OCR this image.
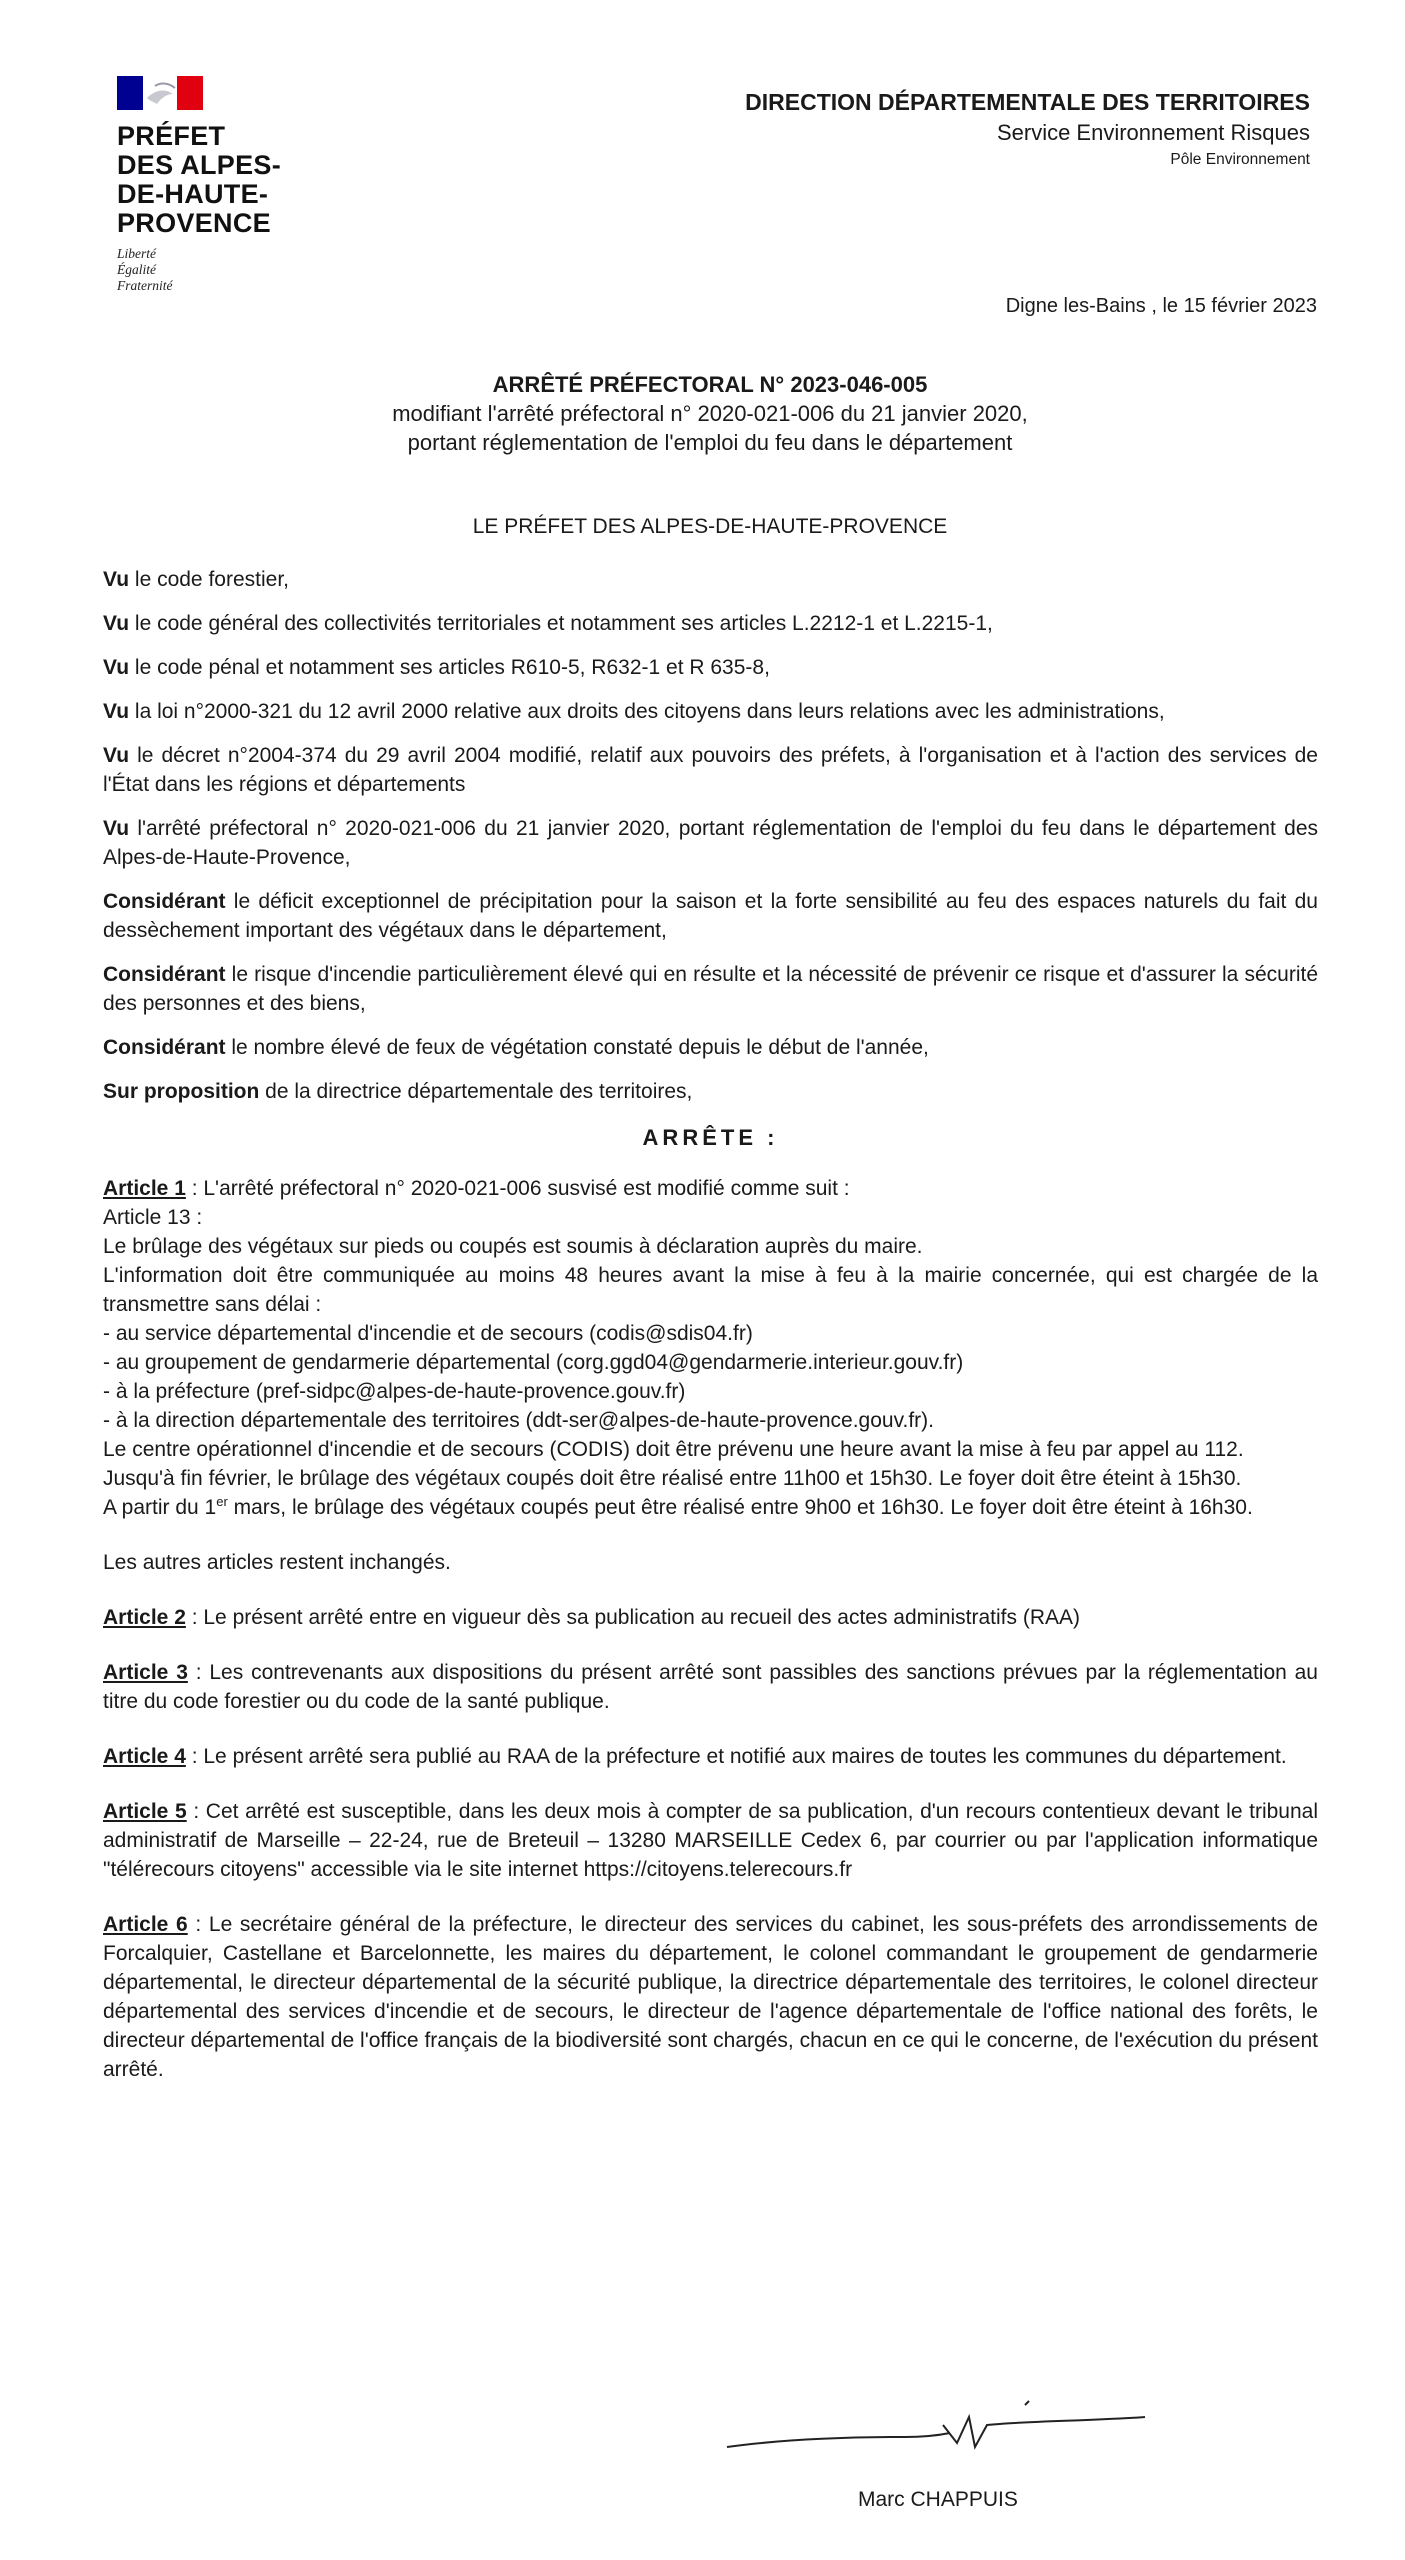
PRÉFET
DES ALPES-
DE-HAUTE-
PROVENCE
Liberté
Égalité
Fraternité
DIRECTION DÉPARTEMENTALE DES TERRITOIRES
Service Environnement Risques
Pôle Environnement
Digne les-Bains , le 15 février 2023
ARRÊTÉ PRÉFECTORAL N° 2023-046-005
modifiant l'arrêté préfectoral n° 2020-021-006 du 21 janvier 2020,
portant réglementation de l'emploi du feu dans le département
LE PRÉFET DES ALPES-DE-HAUTE-PROVENCE

Vu le code forestier,

Vu le code général des collectivités territoriales et notamment ses articles L.2212-1 et L.2215-1,

Vu le code pénal et notamment ses articles R610-5, R632-1 et R 635-8,

Vu la loi n°2000-321 du 12 avril 2000 relative aux droits des citoyens dans leurs relations avec les administrations,

Vu le décret n°2004-374 du 29 avril 2004 modifié, relatif aux pouvoirs des préfets, à l'organisation et à l'action des services de l'État dans les régions et départements

Vu l'arrêté préfectoral n° 2020-021-006 du 21 janvier 2020, portant réglementation de l'emploi du feu dans le département des Alpes-de-Haute-Provence,

Considérant le déficit exceptionnel de précipitation pour la saison et la forte sensibilité au feu des espaces naturels du fait du dessèchement important des végétaux dans le département,

Considérant le risque d'incendie particulièrement élevé qui en résulte et la nécessité de prévenir ce risque et d'assurer la sécurité des personnes et des biens,

Considérant le nombre élevé de feux de végétation constaté depuis le début de l'année,

Sur proposition de la directrice départementale des territoires,

ARRÊTE :
Article 1 : L'arrêté préfectoral n° 2020-021-006 susvisé est modifié comme suit :
Article 13 :
Le brûlage des végétaux sur pieds ou coupés est soumis à déclaration auprès du maire.
L'information doit être communiquée au moins 48 heures avant la mise à feu à la mairie concernée, qui est chargée de la transmettre sans délai :
- au service départemental d'incendie et de secours (codis@sdis04.fr)
- au groupement de gendarmerie départemental (corg.ggd04@gendarmerie.interieur.gouv.fr)
- à la préfecture (pref-sidpc@alpes-de-haute-provence.gouv.fr)
- à la direction départementale des territoires (ddt-ser@alpes-de-haute-provence.gouv.fr).
Le centre opérationnel d'incendie et de secours (CODIS) doit être prévenu une heure avant la mise à feu par appel au 112.
Jusqu'à fin février, le brûlage des végétaux coupés doit être réalisé entre 11h00 et 15h30. Le foyer doit être éteint à 15h30.
A partir du 1er mars, le brûlage des végétaux coupés peut être réalisé entre 9h00 et 16h30. Le foyer doit être éteint à 16h30.

Les autres articles restent inchangés.

Article 2 : Le présent arrêté entre en vigueur dès sa publication au recueil des actes administratifs (RAA)

Article 3 : Les contrevenants aux dispositions du présent arrêté sont passibles des sanctions prévues par la réglementation au titre du code forestier ou du code de la santé publique.

Article 4 : Le présent arrêté sera publié au RAA de la préfecture et notifié aux maires de toutes les communes du département.

Article 5 : Cet arrêté est susceptible, dans les deux mois à compter de sa publication, d'un recours contentieux devant le tribunal administratif de Marseille – 22-24, rue de Breteuil – 13280 MARSEILLE Cedex 6, par courrier ou par l'application informatique "télérecours citoyens" accessible via le site internet https://citoyens.telerecours.fr

Article 6 : Le secrétaire général de la préfecture, le directeur des services du cabinet, les sous-préfets des arrondissements de Forcalquier, Castellane et Barcelonnette, les maires du département, le colonel commandant le groupement de gendarmerie départemental, le directeur départemental de la sécurité publique, la directrice départementale des territoires, le colonel directeur départemental des services d'incendie et de secours, le directeur de l'agence départementale de l'office national des forêts, le directeur départemental de l'office français de la biodiversité sont chargés, chacun en ce qui le concerne, de l'exécution du présent arrêté.

Marc CHAPPUIS
